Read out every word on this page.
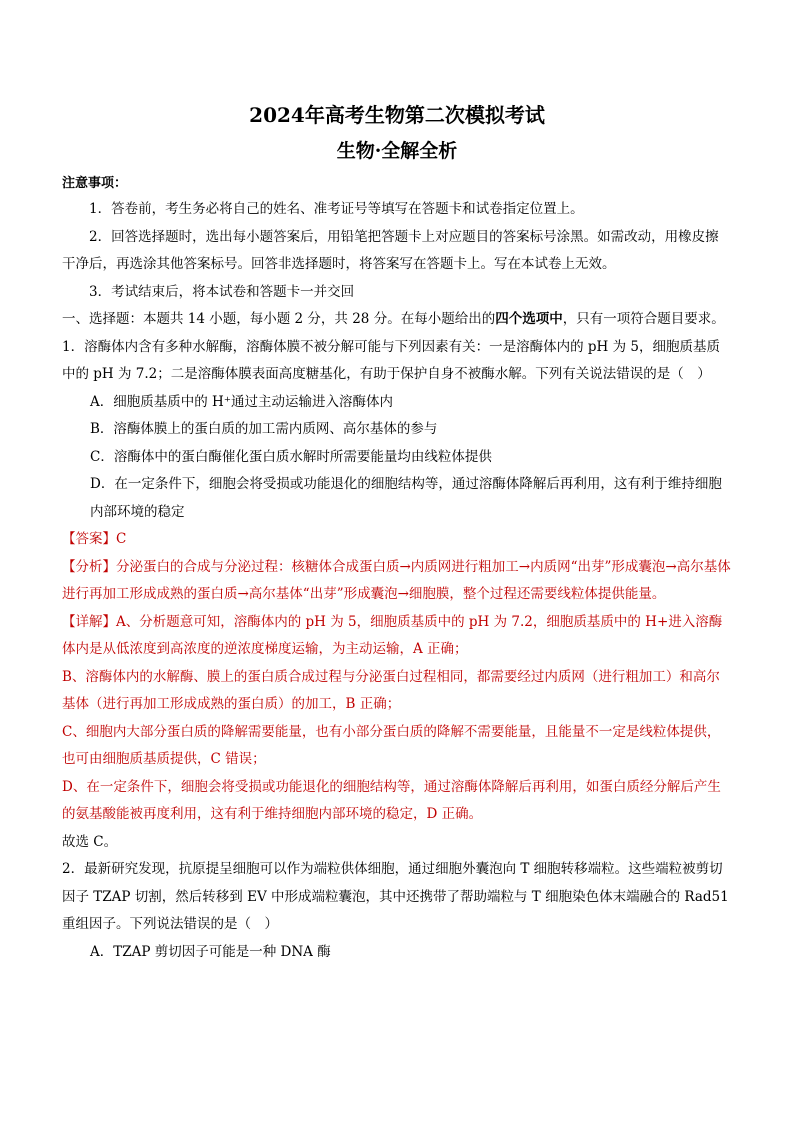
2024年高考生物第二次模拟考试
生物·全解全析

注意事项：

1．答卷前，考生务必将自己的姓名、准考证号等填写在答题卡和试卷指定位置上。

2．回答选择题时，选出每小题答案后，用铅笔把答题卡上对应题目的答案标号涂黑。如需改动，用橡皮擦干净后，再选涂其他答案标号。回答非选择题时，将答案写在答题卡上。写在本试卷上无效。

3．考试结束后，将本试卷和答题卡一并交回

一、选择题：本题共 14 小题，每小题 2 分，共 28 分。在每小题给出的四个选项中，只有一项符合题目要求。

1．溶酶体内含有多种水解酶，溶酶体膜不被分解可能与下列因素有关：一是溶酶体内的 pH 为 5，细胞质基质中的 pH 为 7.2；二是溶酶体膜表面高度糖基化，有助于保护自身不被酶水解。下列有关说法错误的是（　）

A．细胞质基质中的 H⁺通过主动运输进入溶酶体内

B．溶酶体膜上的蛋白质的加工需内质网、高尔基体的参与

C．溶酶体中的蛋白酶催化蛋白质水解时所需要能量均由线粒体提供

D．在一定条件下，细胞会将受损或功能退化的细胞结构等，通过溶酶体降解后再利用，这有利于维持细胞内部环境的稳定

【答案】C

【分析】分泌蛋白的合成与分泌过程：核糖体合成蛋白质→内质网进行粗加工→内质网“出芽”形成囊泡→高尔基体进行再加工形成成熟的蛋白质→高尔基体“出芽”形成囊泡→细胞膜，整个过程还需要线粒体提供能量。

【详解】A、分析题意可知，溶酶体内的 pH 为 5，细胞质基质中的 pH 为 7.2，细胞质基质中的 H+进入溶酶体内是从低浓度到高浓度的逆浓度梯度运输，为主动运输，A 正确；

B、溶酶体内的水解酶、膜上的蛋白质合成过程与分泌蛋白过程相同，都需要经过内质网（进行粗加工）和高尔基体（进行再加工形成成熟的蛋白质）的加工，B 正确；

C、细胞内大部分蛋白质的降解需要能量，也有小部分蛋白质的降解不需要能量，且能量不一定是线粒体提供，也可由细胞质基质提供，C 错误；

D、在一定条件下，细胞会将受损或功能退化的细胞结构等，通过溶酶体降解后再利用，如蛋白质经分解后产生的氨基酸能被再度利用，这有利于维持细胞内部环境的稳定，D 正确。

故选 C。

2．最新研究发现，抗原提呈细胞可以作为端粒供体细胞，通过细胞外囊泡向 T 细胞转移端粒。这些端粒被剪切因子 TZAP 切割，然后转移到 EV 中形成端粒囊泡，其中还携带了帮助端粒与 T 细胞染色体末端融合的 Rad51 重组因子。下列说法错误的是（　）

A．TZAP 剪切因子可能是一种 DNA 酶
